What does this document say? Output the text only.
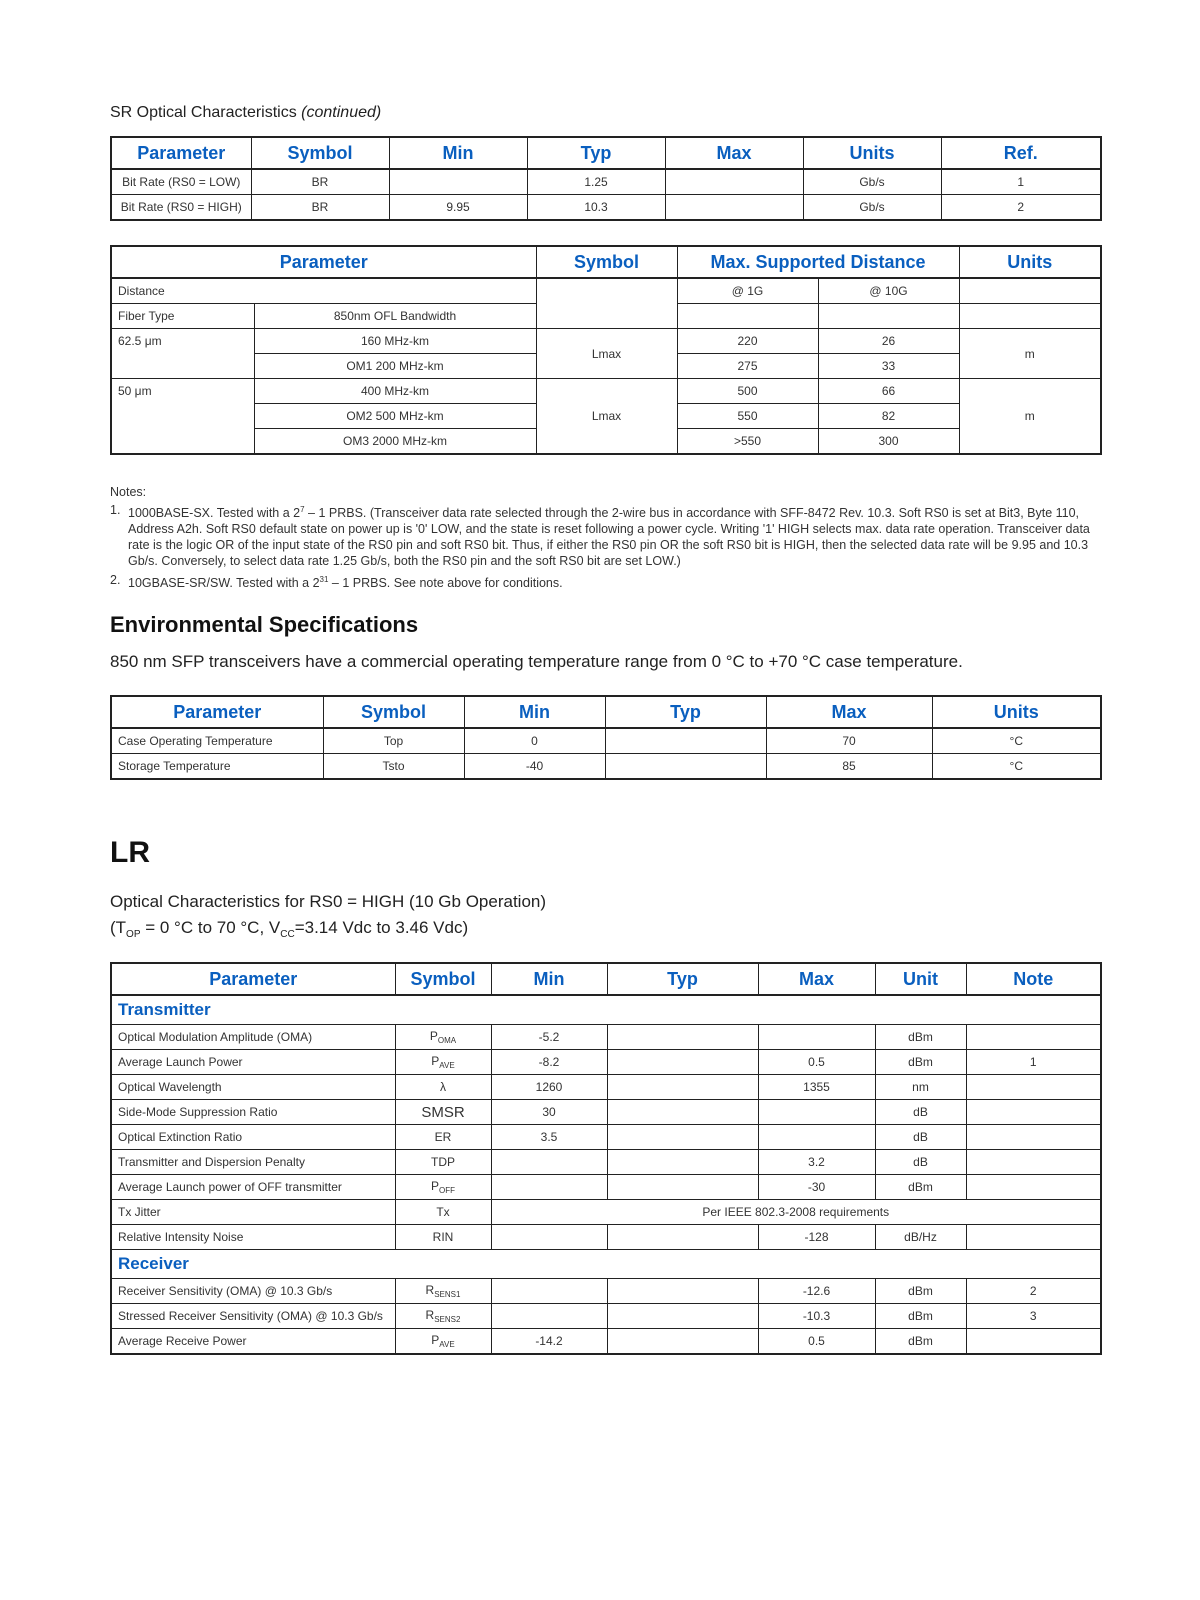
SR Optical Characteristics (continued)
Parameter	Symbol	Min	Typ	Max	Units	Ref.
Bit Rate (RS0 = LOW)	BR		1.25		Gb/s	1
Bit Rate (RS0 = HIGH)	BR	9.95	10.3		Gb/s	2
Parameter		Symbol	Max. Supported Distance		Units
Distance			@ 1G	@ 10G	
Fiber Type	850nm OFL Bandwidth				
62.5 μm	160 MHz-km	Lmax	220	26	m
	OM1 200 MHz-km		275	33	
50 μm	400 MHz-km	Lmax	500	66	m
	OM2 500 MHz-km		550	82	
	OM3 2000 MHz-km		>550	300	
Notes:
1. 1000BASE-SX. Tested with a $2^7 - 1$ PRBS. (Transceiver data rate selected through the 2-wire bus in accordance with SFF-8472 Rev. 10.3. Soft RS0 is set at Bit3, Byte 110, Address A2h. Soft RS0 default state on power up is '0' LOW, and the state is reset following a power cycle. Writing '1' HIGH selects max. data rate operation. Transceiver data rate is the logic OR of the input state of the RS0 pin and soft RS0 bit. Thus, if either the RS0 pin OR the soft RS0 bit is HIGH, then the selected data rate will be 9.95 and 10.3 Gb/s. Conversely, to select data rate 1.25 Gb/s, both the RS0 pin and the soft RS0 bit are set LOW.)
2. 10GBASE-SR/SW. Tested with a $2^{31} - 1$ PRBS. See note above for conditions.
Environmental Specifications
850 nm SFP transceivers have a commercial operating temperature range from 0 °C to +70 °C case temperature.
Parameter	Symbol	Min	Typ	Max	Units
Case Operating Temperature	Top	0		70	°C
Storage Temperature	Tsto	-40		85	°C
LR
Optical Characteristics for RS0 = HIGH (10 Gb Operation)
($T_{OP} = 0$ °C to 70 °C, $V_{CC}=3.14$ Vdc to 3.46 Vdc)
Parameter	Symbol	Min	Typ	Max	Unit	Note
Transmitter						
Optical Modulation Amplitude (OMA)	$P_{OMA}$	-5.2			dBm	
Average Launch Power	$P_{AVE}$	-8.2		0.5	dBm	1
Optical Wavelength	λ	1260		1355	nm	
Side-Mode Suppression Ratio	SMSR	30			dB	
Optical Extinction Ratio	ER	3.5			dB	
Transmitter and Dispersion Penalty	TDP			3.2	dB	
Average Launch power of OFF transmitter	$P_{OFF}$			-30	dBm	
Tx Jitter	Tx	Per IEEE 802.3-2008 requirements				
Relative Intensity Noise	RIN			-128	dB/Hz	
Receiver						
Receiver Sensitivity (OMA) @ 10.3 Gb/s	$R_{SENS1}$			-12.6	dBm	2
Stressed Receiver Sensitivity (OMA) @ 10.3 Gb/s	$R_{SENS2}$			-10.3	dBm	3
Average Receive Power	$P_{AVE}$	-14.2		0.5	dBm	
